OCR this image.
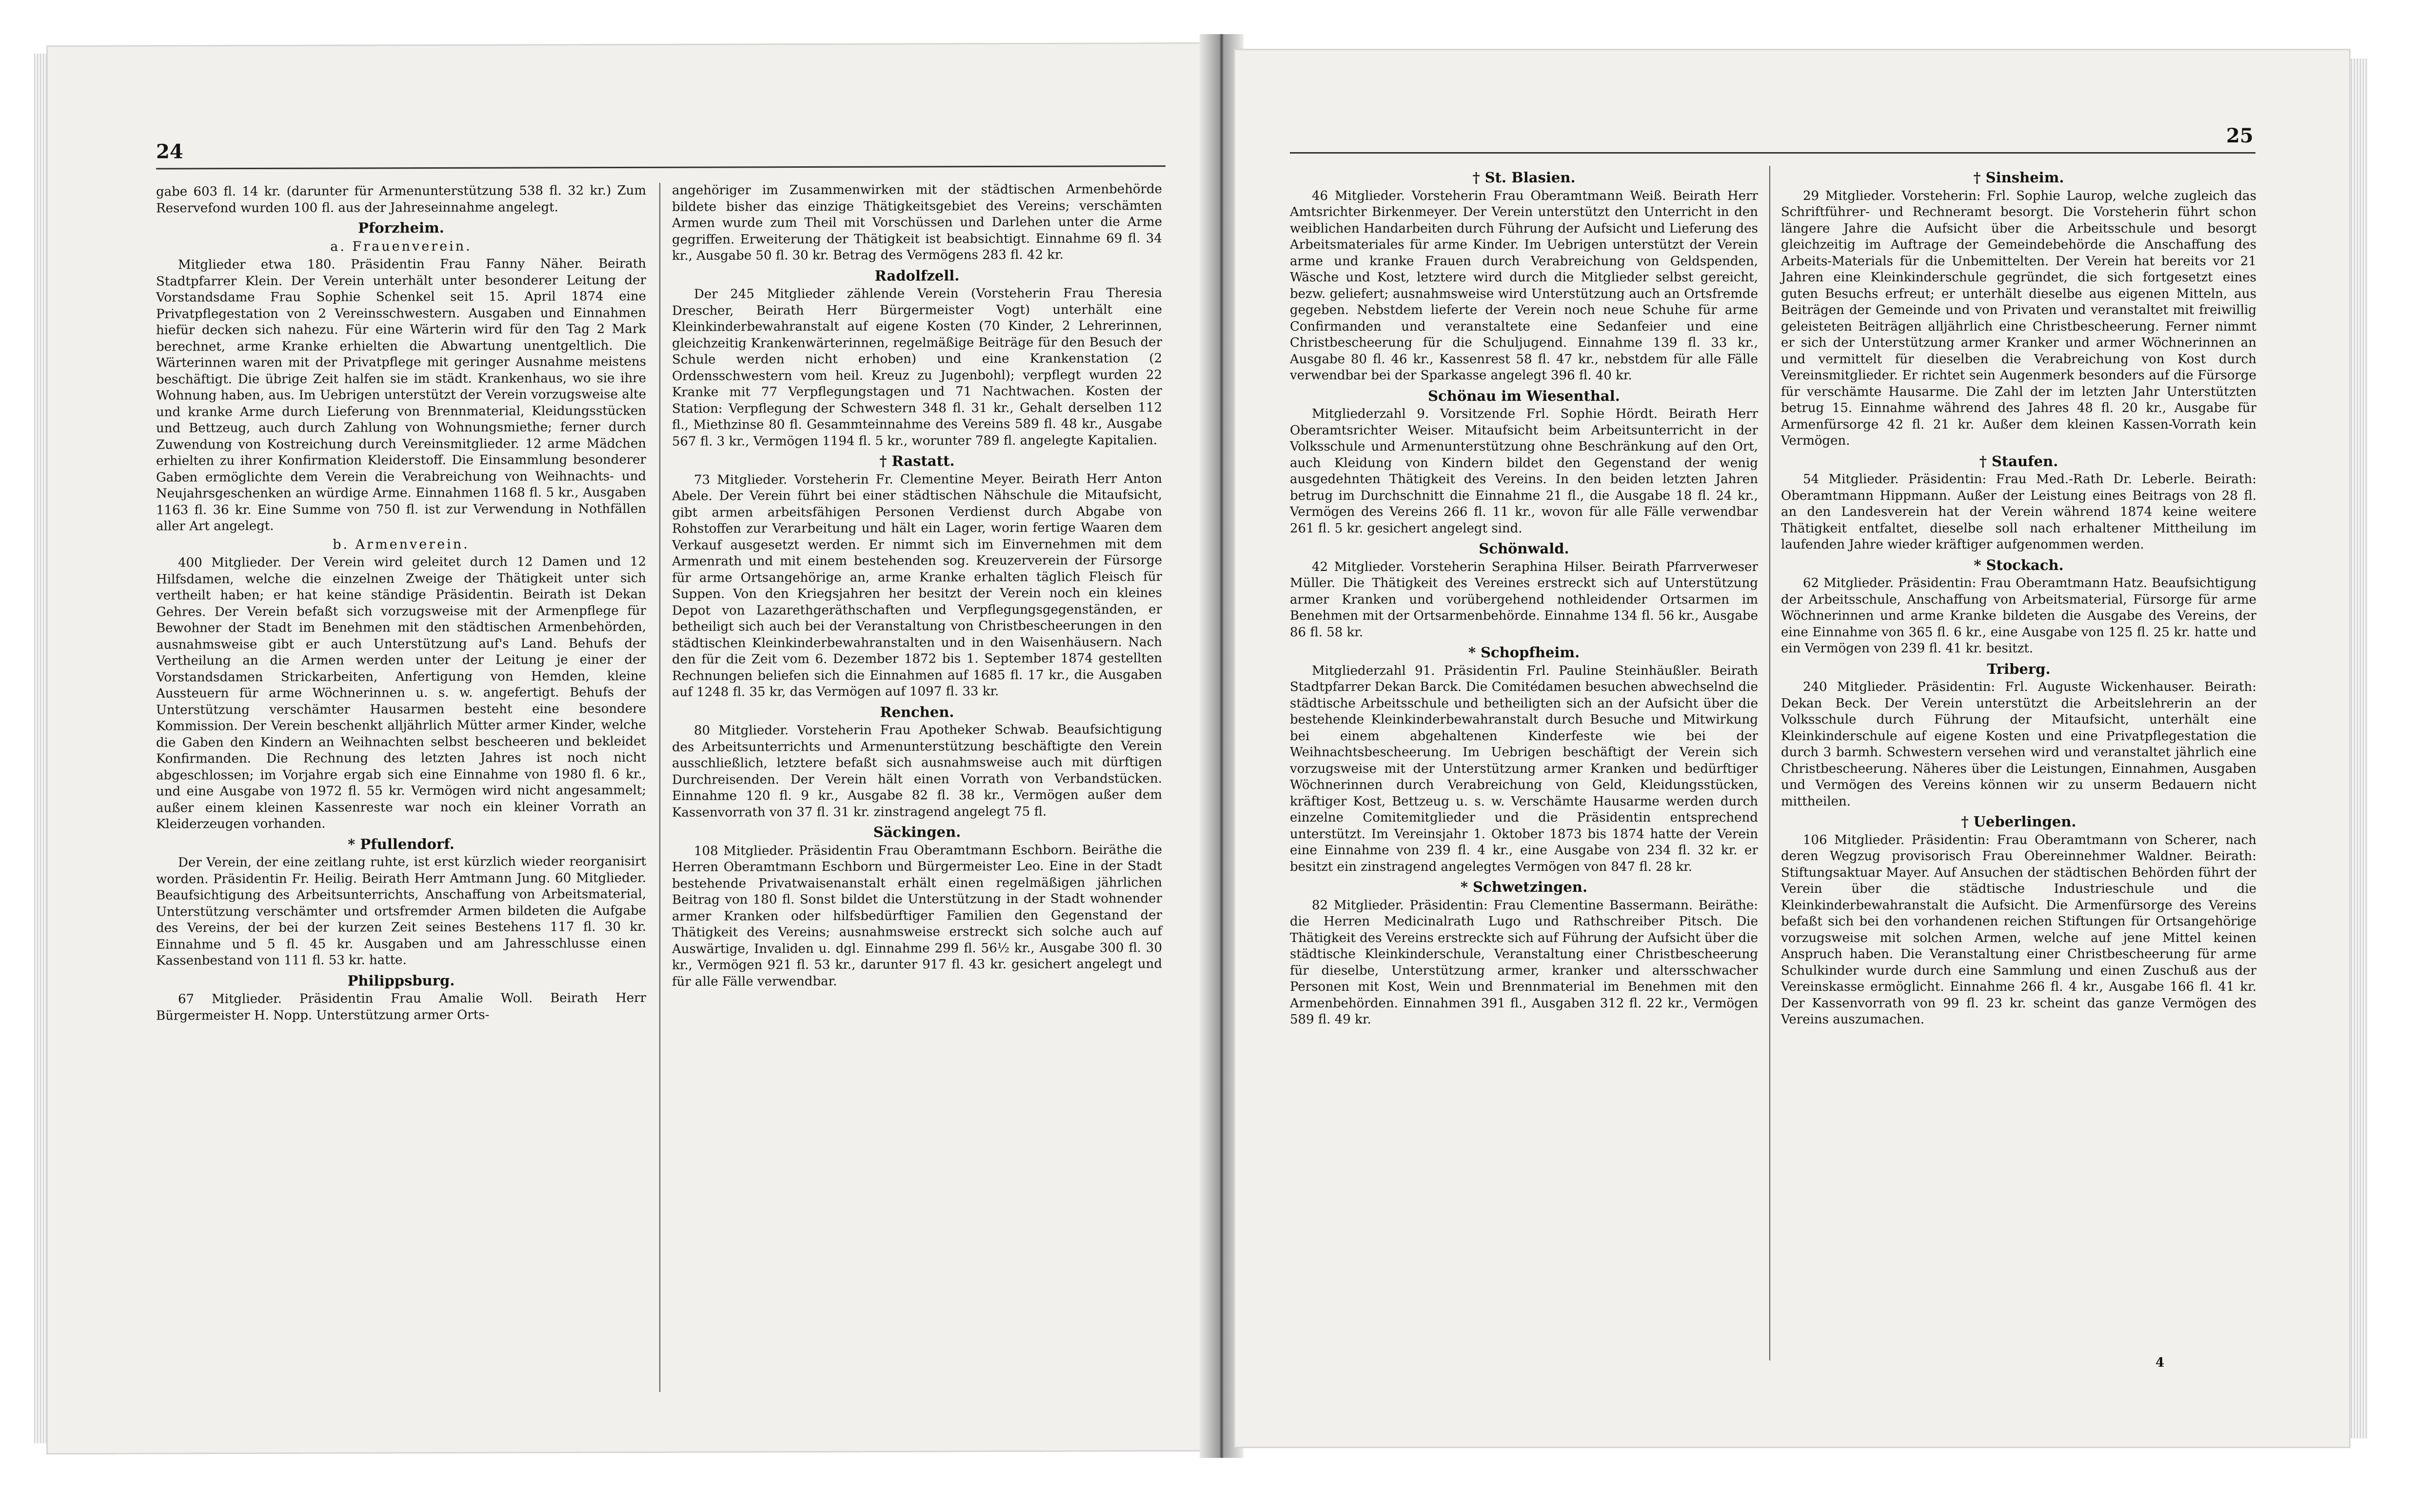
24

gabe 603 fl. 14 kr. (darunter für Armenunterstützung 538 fl. 32 kr.) Zum Reservefond wurden 100 fl. aus der Jahreseinnahme angelegt.

Pforzheim.
a. Frauenverein.

Mitglieder etwa 180. Präsidentin Frau Fanny Näher. Beirath Stadtpfarrer Klein. Der Verein unterhält unter besonderer Leitung der Vorstandsdame Frau Sophie Schenkel seit 15. April 1874 eine Privatpflegestation von 2 Vereinsschwestern. Ausgaben und Einnahmen hiefür decken sich nahezu. Für eine Wärterin wird für den Tag 2 Mark berechnet, arme Kranke erhielten die Abwartung unentgeltlich. Die Wärterinnen waren mit der Privatpflege mit geringer Ausnahme meistens beschäftigt. Die übrige Zeit halfen sie im städt. Krankenhaus, wo sie ihre Wohnung haben, aus. Im Uebrigen unterstützt der Verein vorzugsweise alte und kranke Arme durch Lieferung von Brennmaterial, Kleidungsstücken und Bettzeug, auch durch Zahlung von Wohnungsmiethe; ferner durch Zuwendung von Kostreichung durch Vereinsmitglieder. 12 arme Mädchen erhielten zu ihrer Konfirmation Kleiderstoff. Die Einsammlung besonderer Gaben ermöglichte dem Verein die Verabreichung von Weihnachts- und Neujahrsgeschenken an würdige Arme. Einnahmen 1168 fl. 5 kr., Ausgaben 1163 fl. 36 kr. Eine Summe von 750 fl. ist zur Verwendung in Nothfällen aller Art angelegt.

b. Armenverein.

400 Mitglieder. Der Verein wird geleitet durch 12 Damen und 12 Hilfsdamen, welche die einzelnen Zweige der Thätigkeit unter sich vertheilt haben; er hat keine ständige Präsidentin. Beirath ist Dekan Gehres. Der Verein befaßt sich vorzugsweise mit der Armenpflege für Bewohner der Stadt im Benehmen mit den städtischen Armenbehörden, ausnahmsweise gibt er auch Unterstützung auf's Land. Behufs der Vertheilung an die Armen werden unter der Leitung je einer der Vorstandsdamen Strickarbeiten, Anfertigung von Hemden, kleine Aussteuern für arme Wöchnerinnen u. s. w. angefertigt. Behufs der Unterstützung verschämter Hausarmen besteht eine besondere Kommission. Der Verein beschenkt alljährlich Mütter armer Kinder, welche die Gaben den Kindern an Weihnachten selbst bescheeren und bekleidet Konfirmanden. Die Rechnung des letzten Jahres ist noch nicht abgeschlossen; im Vorjahre ergab sich eine Einnahme von 1980 fl. 6 kr., und eine Ausgabe von 1972 fl. 55 kr. Vermögen wird nicht angesammelt; außer einem kleinen Kassenreste war noch ein kleiner Vorrath an Kleiderzeugen vorhanden.

* Pfullendorf.

Der Verein, der eine zeitlang ruhte, ist erst kürzlich wieder reorganisirt worden. Präsidentin Fr. Heilig. Beirath Herr Amtmann Jung. 60 Mitglieder. Beaufsichtigung des Arbeitsunterrichts, Anschaffung von Arbeitsmaterial, Unterstützung verschämter und ortsfremder Armen bildeten die Aufgabe des Vereins, der bei der kurzen Zeit seines Bestehens 117 fl. 30 kr. Einnahme und 5 fl. 45 kr. Ausgaben und am Jahresschlusse einen Kassenbestand von 111 fl. 53 kr. hatte.

Philippsburg.

67 Mitglieder. Präsidentin Frau Amalie Woll. Beirath Herr Bürgermeister H. Nopp. Unterstützung armer Orts-

angehöriger im Zusammenwirken mit der städtischen Armenbehörde bildete bisher das einzige Thätigkeitsgebiet des Vereins; verschämten Armen wurde zum Theil mit Vorschüssen und Darlehen unter die Arme gegriffen. Erweiterung der Thätigkeit ist beabsichtigt. Einnahme 69 fl. 34 kr., Ausgabe 50 fl. 30 kr. Betrag des Vermögens 283 fl. 42 kr.

Radolfzell.

Der 245 Mitglieder zählende Verein (Vorsteherin Frau Theresia Drescher, Beirath Herr Bürgermeister Vogt) unterhält eine Kleinkinderbewahranstalt auf eigene Kosten (70 Kinder, 2 Lehrerinnen, gleichzeitig Krankenwärterinnen, regelmäßige Beiträge für den Besuch der Schule werden nicht erhoben) und eine Krankenstation (2 Ordensschwestern vom heil. Kreuz zu Jugenbohl); verpflegt wurden 22 Kranke mit 77 Verpflegungstagen und 71 Nachtwachen. Kosten der Station: Verpflegung der Schwestern 348 fl. 31 kr., Gehalt derselben 112 fl., Miethzinse 80 fl. Gesammteinnahme des Vereins 589 fl. 48 kr., Ausgabe 567 fl. 3 kr., Vermögen 1194 fl. 5 kr., worunter 789 fl. angelegte Kapitalien.

† Rastatt.

73 Mitglieder. Vorsteherin Fr. Clementine Meyer. Beirath Herr Anton Abele. Der Verein führt bei einer städtischen Nähschule die Mitaufsicht, gibt armen arbeitsfähigen Personen Verdienst durch Abgabe von Rohstoffen zur Verarbeitung und hält ein Lager, worin fertige Waaren dem Verkauf ausgesetzt werden. Er nimmt sich im Einvernehmen mit dem Armenrath und mit einem bestehenden sog. Kreuzerverein der Fürsorge für arme Ortsangehörige an, arme Kranke erhalten täglich Fleisch für Suppen. Von den Kriegsjahren her besitzt der Verein noch ein kleines Depot von Lazarethgeräthschaften und Verpflegungsgegenständen, er betheiligt sich auch bei der Veranstaltung von Christbescheerungen in den städtischen Kleinkinderbewahranstalten und in den Waisenhäusern. Nach den für die Zeit vom 6. Dezember 1872 bis 1. September 1874 gestellten Rechnungen beliefen sich die Einnahmen auf 1685 fl. 17 kr., die Ausgaben auf 1248 fl. 35 kr, das Vermögen auf 1097 fl. 33 kr.

Renchen.

80 Mitglieder. Vorsteherin Frau Apotheker Schwab. Beaufsichtigung des Arbeitsunterrichts und Armenunterstützung beschäftigte den Verein ausschließlich, letztere befaßt sich ausnahmsweise auch mit dürftigen Durchreisenden. Der Verein hält einen Vorrath von Verbandstücken. Einnahme 120 fl. 9 kr., Ausgabe 82 fl. 38 kr., Vermögen außer dem Kassenvorrath von 37 fl. 31 kr. zinstragend angelegt 75 fl.

Säckingen.

108 Mitglieder. Präsidentin Frau Oberamtmann Eschborn. Beiräthe die Herren Oberamtmann Eschborn und Bürgermeister Leo. Eine in der Stadt bestehende Privatwaisenanstalt erhält einen regelmäßigen jährlichen Beitrag von 180 fl. Sonst bildet die Unterstützung in der Stadt wohnender armer Kranken oder hilfsbedürftiger Familien den Gegenstand der Thätigkeit des Vereins; ausnahmsweise erstreckt sich solche auch auf Auswärtige, Invaliden u. dgl. Einnahme 299 fl. 56½ kr., Ausgabe 300 fl. 30 kr., Vermögen 921 fl. 53 kr., darunter 917 fl. 43 kr. gesichert angelegt und für alle Fälle verwendbar.

25
† St. Blasien.

46 Mitglieder. Vorsteherin Frau Oberamtmann Weiß. Beirath Herr Amtsrichter Birkenmeyer. Der Verein unterstützt den Unterricht in den weiblichen Handarbeiten durch Führung der Aufsicht und Lieferung des Arbeitsmateriales für arme Kinder. Im Uebrigen unterstützt der Verein arme und kranke Frauen durch Verabreichung von Geldspenden, Wäsche und Kost, letztere wird durch die Mitglieder selbst gereicht, bezw. geliefert; ausnahmsweise wird Unterstützung auch an Ortsfremde gegeben. Nebstdem lieferte der Verein noch neue Schuhe für arme Confirmanden und veranstaltete eine Sedanfeier und eine Christbescheerung für die Schuljugend. Einnahme 139 fl. 33 kr., Ausgabe 80 fl. 46 kr., Kassenrest 58 fl. 47 kr., nebstdem für alle Fälle verwendbar bei der Sparkasse angelegt 396 fl. 40 kr.

Schönau im Wiesenthal.

Mitgliederzahl 9. Vorsitzende Frl. Sophie Hördt. Beirath Herr Oberamtsrichter Weiser. Mitaufsicht beim Arbeitsunterricht in der Volksschule und Armenunterstützung ohne Beschränkung auf den Ort, auch Kleidung von Kindern bildet den Gegenstand der wenig ausgedehnten Thätigkeit des Vereins. In den beiden letzten Jahren betrug im Durchschnitt die Einnahme 21 fl., die Ausgabe 18 fl. 24 kr., Vermögen des Vereins 266 fl. 11 kr., wovon für alle Fälle verwendbar 261 fl. 5 kr. gesichert angelegt sind.

Schönwald.

42 Mitglieder. Vorsteherin Seraphina Hilser. Beirath Pfarrverweser Müller. Die Thätigkeit des Vereines erstreckt sich auf Unterstützung armer Kranken und vorübergehend nothleidender Ortsarmen im Benehmen mit der Ortsarmenbehörde. Einnahme 134 fl. 56 kr., Ausgabe 86 fl. 58 kr.

* Schopfheim.

Mitgliederzahl 91. Präsidentin Frl. Pauline Steinhäußler. Beirath Stadtpfarrer Dekan Barck. Die Comitédamen besuchen abwechselnd die städtische Arbeitsschule und betheiligten sich an der Aufsicht über die bestehende Kleinkinderbewahranstalt durch Besuche und Mitwirkung bei einem abgehaltenen Kinderfeste wie bei der Weihnachtsbescheerung. Im Uebrigen beschäftigt der Verein sich vorzugsweise mit der Unterstützung armer Kranken und bedürftiger Wöchnerinnen durch Verabreichung von Geld, Kleidungsstücken, kräftiger Kost, Bettzeug u. s. w. Verschämte Hausarme werden durch einzelne Comitemitglieder und die Präsidentin entsprechend unterstützt. Im Vereinsjahr 1. Oktober 1873 bis 1874 hatte der Verein eine Einnahme von 239 fl. 4 kr., eine Ausgabe von 234 fl. 32 kr. er besitzt ein zinstragend angelegtes Vermögen von 847 fl. 28 kr.

* Schwetzingen.

82 Mitglieder. Präsidentin: Frau Clementine Bassermann. Beiräthe: die Herren Medicinalrath Lugo und Rathschreiber Pitsch. Die Thätigkeit des Vereins erstreckte sich auf Führung der Aufsicht über die städtische Kleinkinderschule, Veranstaltung einer Christbescheerung für dieselbe, Unterstützung armer, kranker und altersschwacher Personen mit Kost, Wein und Brennmaterial im Benehmen mit den Armenbehörden. Einnahmen 391 fl., Ausgaben 312 fl. 22 kr., Vermögen 589 fl. 49 kr.

† Sinsheim.

29 Mitglieder. Vorsteherin: Frl. Sophie Laurop, welche zugleich das Schriftführer- und Rechneramt besorgt. Die Vorsteherin führt schon längere Jahre die Aufsicht über die Arbeitsschule und besorgt gleichzeitig im Auftrage der Gemeindebehörde die Anschaffung des Arbeits-Materials für die Unbemittelten. Der Verein hat bereits vor 21 Jahren eine Kleinkinderschule gegründet, die sich fortgesetzt eines guten Besuchs erfreut; er unterhält dieselbe aus eigenen Mitteln, aus Beiträgen der Gemeinde und von Privaten und veranstaltet mit freiwillig geleisteten Beiträgen alljährlich eine Christbescheerung. Ferner nimmt er sich der Unterstützung armer Kranker und armer Wöchnerinnen an und vermittelt für dieselben die Verabreichung von Kost durch Vereinsmitglieder. Er richtet sein Augenmerk besonders auf die Fürsorge für verschämte Hausarme. Die Zahl der im letzten Jahr Unterstützten betrug 15. Einnahme während des Jahres 48 fl. 20 kr., Ausgabe für Armenfürsorge 42 fl. 21 kr. Außer dem kleinen Kassen-Vorrath kein Vermögen.

† Staufen.

54 Mitglieder. Präsidentin: Frau Med.-Rath Dr. Leberle. Beirath: Oberamtmann Hippmann. Außer der Leistung eines Beitrags von 28 fl. an den Landesverein hat der Verein während 1874 keine weitere Thätigkeit entfaltet, dieselbe soll nach erhaltener Mittheilung im laufenden Jahre wieder kräftiger aufgenommen werden.

* Stockach.

62 Mitglieder. Präsidentin: Frau Oberamtmann Hatz. Beaufsichtigung der Arbeitsschule, Anschaffung von Arbeitsmaterial, Fürsorge für arme Wöchnerinnen und arme Kranke bildeten die Ausgabe des Vereins, der eine Einnahme von 365 fl. 6 kr., eine Ausgabe von 125 fl. 25 kr. hatte und ein Vermögen von 239 fl. 41 kr. besitzt.

Triberg.

240 Mitglieder. Präsidentin: Frl. Auguste Wickenhauser. Beirath: Dekan Beck. Der Verein unterstützt die Arbeitslehrerin an der Volksschule durch Führung der Mitaufsicht, unterhält eine Kleinkinderschule auf eigene Kosten und eine Privatpflegestation die durch 3 barmh. Schwestern versehen wird und veranstaltet jährlich eine Christbescheerung. Näheres über die Leistungen, Einnahmen, Ausgaben und Vermögen des Vereins können wir zu unserm Bedauern nicht mittheilen.

† Ueberlingen.

106 Mitglieder. Präsidentin: Frau Oberamtmann von Scherer, nach deren Wegzug provisorisch Frau Obereinnehmer Waldner. Beirath: Stiftungsaktuar Mayer. Auf Ansuchen der städtischen Behörden führt der Verein über die städtische Industrieschule und die Kleinkinderbewahranstalt die Aufsicht. Die Armenfürsorge des Vereins befaßt sich bei den vorhandenen reichen Stiftungen für Ortsangehörige vorzugsweise mit solchen Armen, welche auf jene Mittel keinen Anspruch haben. Die Veranstaltung einer Christbescheerung für arme Schulkinder wurde durch eine Sammlung und einen Zuschuß aus der Vereinskasse ermöglicht. Einnahme 266 fl. 4 kr., Ausgabe 166 fl. 41 kr. Der Kassenvorrath von 99 fl. 23 kr. scheint das ganze Vermögen des Vereins auszumachen.

4
